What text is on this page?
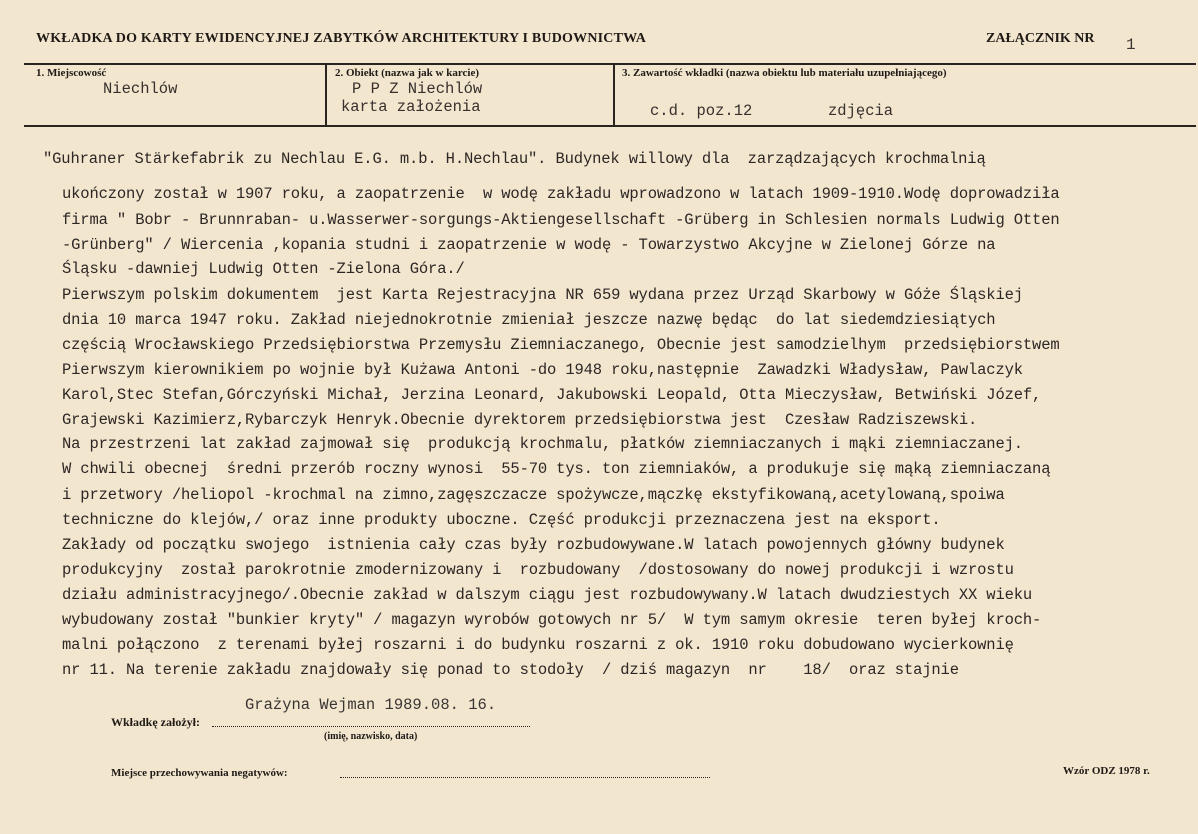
WKŁADKA DO KARTY EWIDENCYJNEJ ZABYTKÓW ARCHITEKTURY I BUDOWNICTWA	ZAŁĄCZNIK NR 1
1. Miejscowość
Niechlów
2. Obiekt (nazwa jak w karcie)
P P Z Niechlów
karta założenia
3. Zawartość wkładki (nazwa obiektu lub materiału uzupełniającego)
c.d. poz.12	zdjęcia
"Guhraner Stärkefabrik zu Nechlau E.G. m.b. H.Nechlau". Budynek willowy dla  zarządzających krochmalnią
ukończony został w 1907 roku, a zaopatrzenie  w wodę zakładu wprowadzono w latach 1909-1910.Wodę doprowadziła
firma " Bobr - Brunnraban- u.Wasserwer-sorgungs-Aktiengesellschaft -Grüberg in Schlesien normals Ludwig Otten
-Grünberg" / Wiercenia ,kopania studni i zaopatrzenie w wodę - Towarzystwo Akcyjne w Zielonej Górze na
Śląsku -dawniej Ludwig Otten -Zielona Góra./
Pierwszym polskim dokumentem  jest Karta Rejestracyjna NR 659 wydana przez Urząd Skarbowy w Góże Śląskiej
dnia 10 marca 1947 roku. Zakład niejednokrotnie zmieniał jeszcze nazwę będąc  do lat siedemdziesiątych
częścią Wrocławskiego Przedsiębiorstwa Przemysłu Ziemniaczanego, Obecnie jest samodzielhym  przedsiębiorstwem
Pierwszym kierownikiem po wojnie był Kużawa Antoni -do 1948 roku,następnie  Zawadzki Władysław, Pawlaczyk
Karol,Stec Stefan,Górczyński Michał, Jerzina Leonard, Jakubowski Leopald, Otta Mieczysław, Betwiński Józef,
Grajewski Kazimierz,Rybarczyk Henryk.Obecnie dyrektorem przedsiębiorstwa jest  Czesław Radziszewski.
Na przestrzeni lat zakład zajmował się  produkcją krochmalu, płatków ziemniaczanych i mąki ziemniaczanej.
W chwili obecnej  średni przerób roczny wynosi  55-70 tys. ton ziemniaków, a produkuje się mąką ziemniaczaną
i przetwory /heliopol -krochmal na zimno,zagęszczacze spożywcze,mączkę ekstyfikowaną,acetylowaną,spoiwa
techniczne do klejów,/ oraz inne produkty uboczne. Część produkcji przeznaczena jest na eksport.
Zakłady od początku swojego  istnienia cały czas były rozbudowywane.W latach powojennych główny budynek
produkcyjny  został parokrotnie zmodernizowany i  rozbudowany  /dostosowany do nowej produkcji i wzrostu
działu administracyjnego/.Obecnie zakład w dalszym ciągu jest rozbudowywany.W latach dwudziestych XX wieku
wybudowany został "bunkier kryty" / magazyn wyrobów gotowych nr 5/  W tym samym okresie  teren byłej kroch-
malni połączono  z terenami byłej roszarni i do budynku roszarni z ok. 1910 roku dobudowano wycierkownię
nr 11. Na terenie zakładu znajdowały się ponad to stodoły  / dziś magazyn  nr    18/  oraz stajnie
Grażyna Wejman 1989.08. 16.
Wkładkę założył:
(imię, nazwisko, data)
Miejsce przechowywania negatywów:	Wzór ODZ 1978 r.
